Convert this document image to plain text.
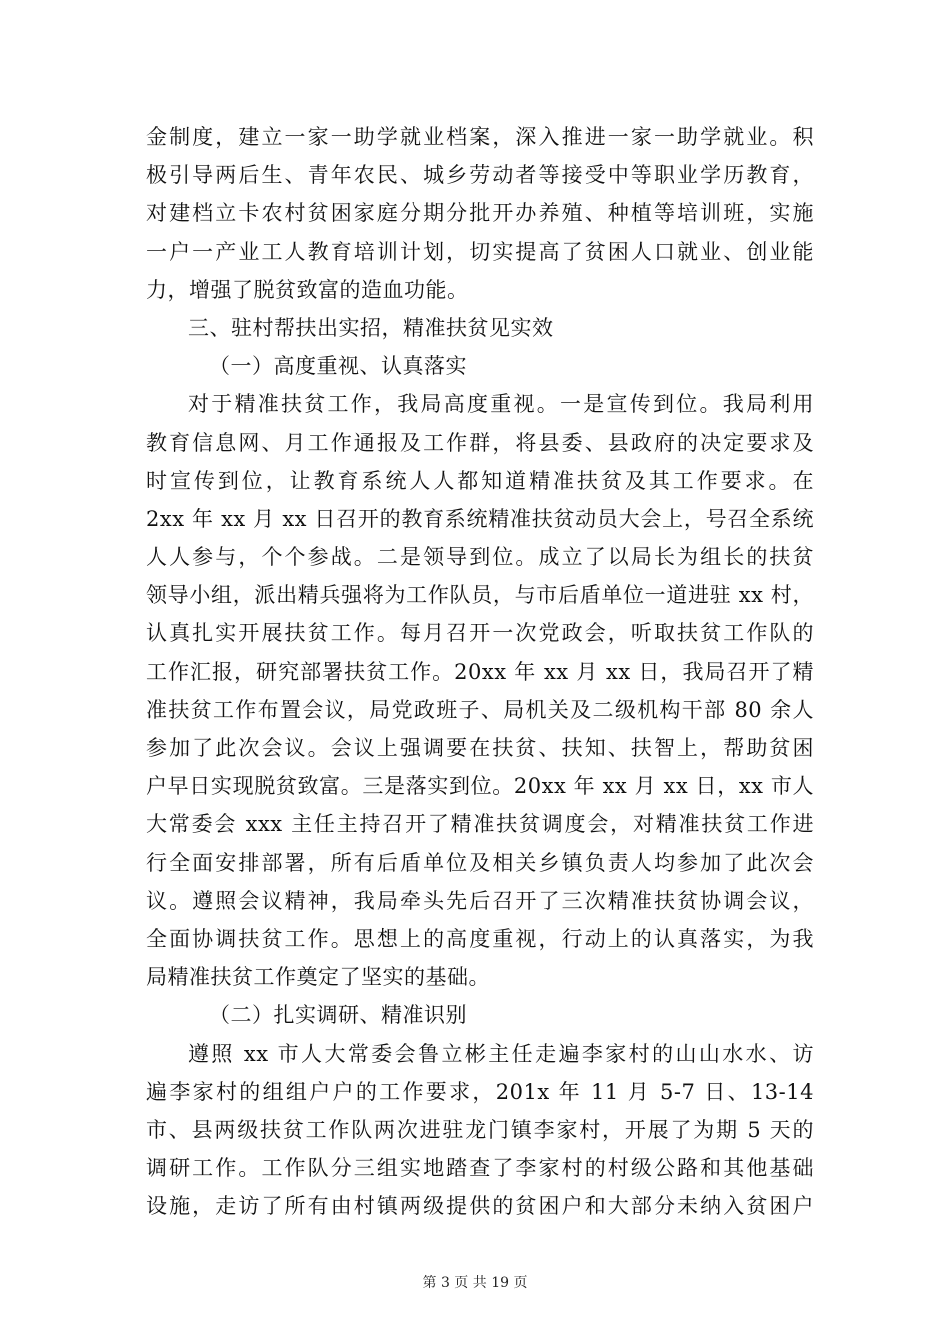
金制度，建立一家一助学就业档案，深入推进一家一助学就业。积
极引导两后生、青年农民、城乡劳动者等接受中等职业学历教育，
对建档立卡农村贫困家庭分期分批开办养殖、种植等培训班，实施
一户一产业工人教育培训计划，切实提高了贫困人口就业、创业能
力，增强了脱贫致富的造血功能。
三、驻村帮扶出实招，精准扶贫见实效
（一）高度重视、认真落实
对于精准扶贫工作，我局高度重视。一是宣传到位。我局利用
教育信息网、月工作通报及工作群，将县委、县政府的决定要求及
时宣传到位，让教育系统人人都知道精准扶贫及其工作要求。在
2xx 年 xx 月 xx 日召开的教育系统精准扶贫动员大会上，号召全系统
人人参与，个个参战。二是领导到位。成立了以局长为组长的扶贫
领导小组，派出精兵强将为工作队员，与市后盾单位一道进驻 xx 村，
认真扎实开展扶贫工作。每月召开一次党政会，听取扶贫工作队的
工作汇报，研究部署扶贫工作。20xx 年 xx 月 xx 日，我局召开了精
准扶贫工作布置会议，局党政班子、局机关及二级机构干部 80 余人
参加了此次会议。会议上强调要在扶贫、扶知、扶智上，帮助贫困
户早日实现脱贫致富。三是落实到位。20xx 年 xx 月 xx 日，xx 市人
大常委会 xxx 主任主持召开了精准扶贫调度会，对精准扶贫工作进
行全面安排部署，所有后盾单位及相关乡镇负责人均参加了此次会
议。遵照会议精神，我局牵头先后召开了三次精准扶贫协调会议，
全面协调扶贫工作。思想上的高度重视，行动上的认真落实，为我
局精准扶贫工作奠定了坚实的基础。
（二）扎实调研、精准识别
遵照 xx 市人大常委会鲁立彬主任走遍李家村的山山水水、访
遍李家村的组组户户的工作要求，201x 年 11 月 5-7 日、13-14
市、县两级扶贫工作队两次进驻龙门镇李家村，开展了为期 5 天的
调研工作。工作队分三组实地踏查了李家村的村级公路和其他基础
设施，走访了所有由村镇两级提供的贫困户和大部分未纳入贫困户
第 3 页 共 19 页
